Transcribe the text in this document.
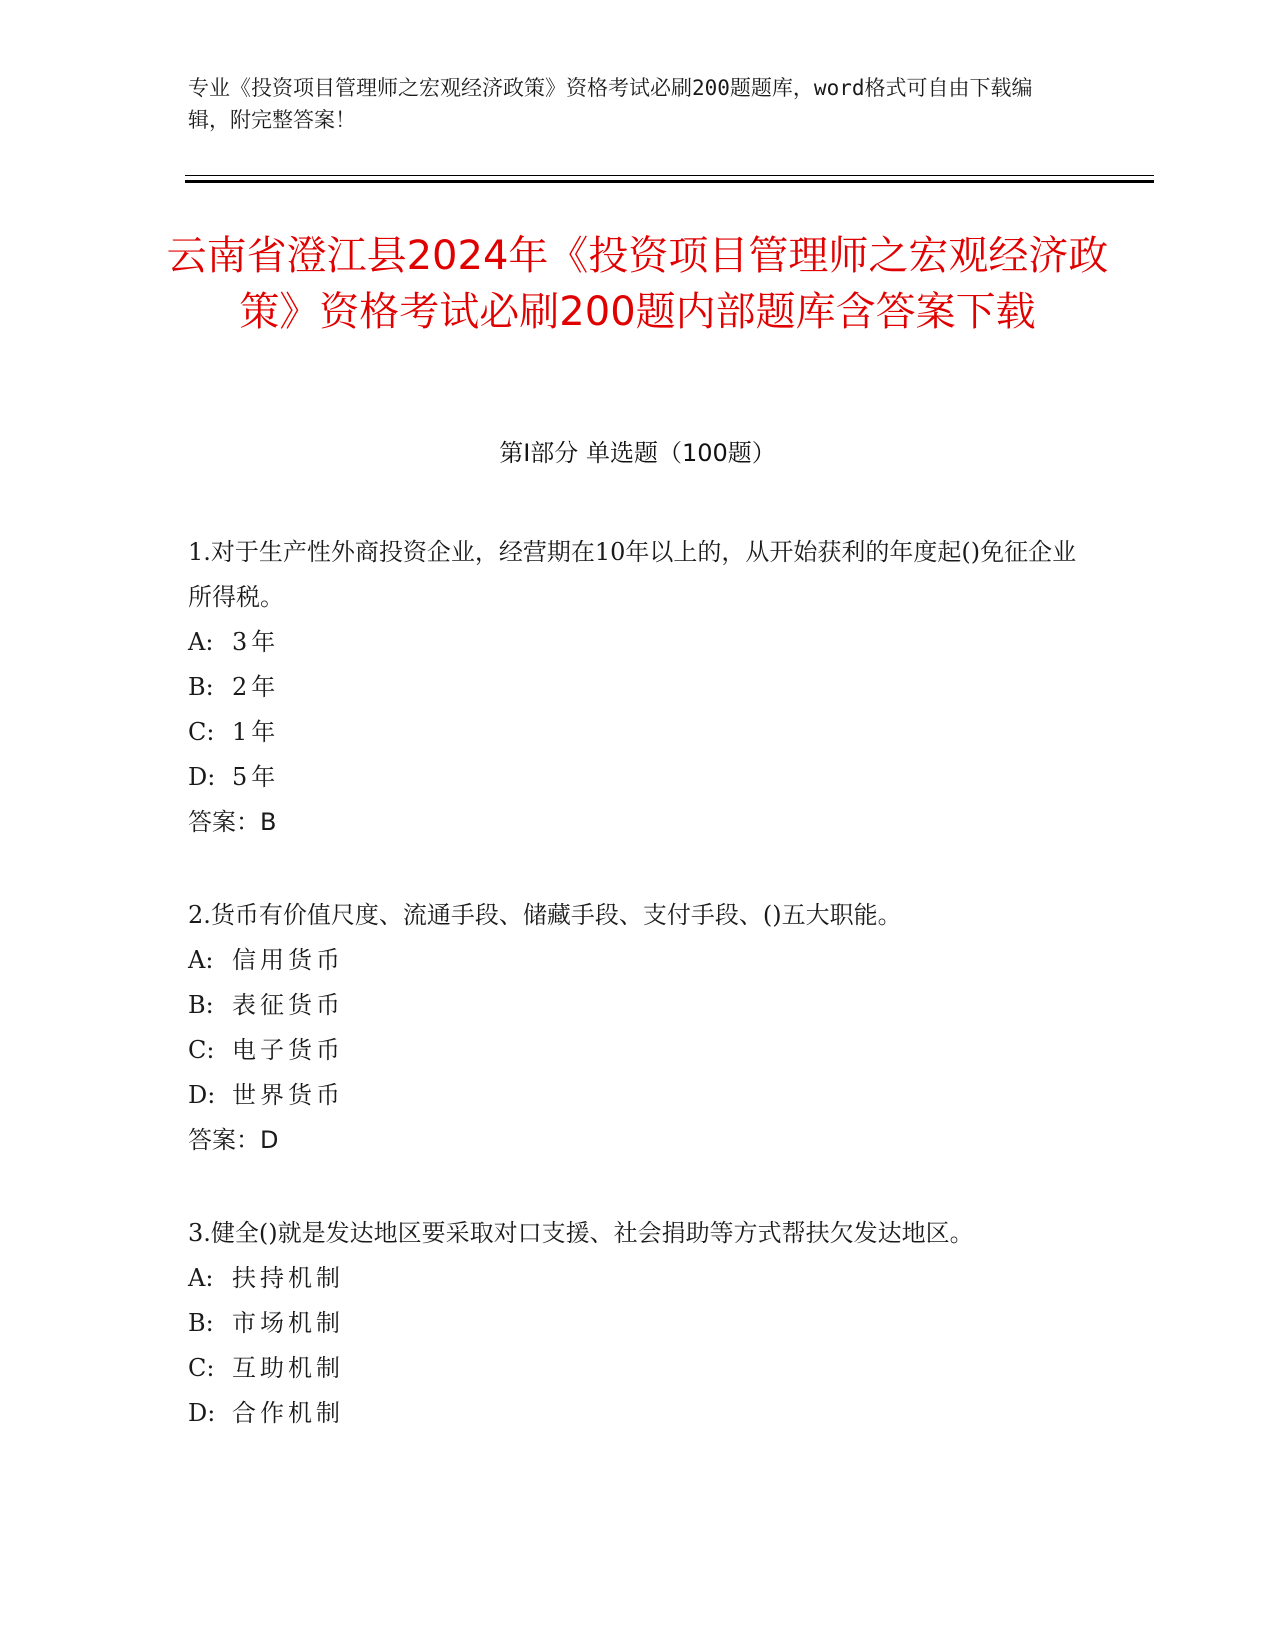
专业《投资项目管理师之宏观经济政策》资格考试必刷200题题库，word格式可自由下载编辑，附完整答案！
云南省澄江县2024年《投资项目管理师之宏观经济政策》资格考试必刷200题内部题库含答案下载
第I部分 单选题（100题）
1.对于生产性外商投资企业，经营期在10年以上的，从开始获利的年度起()免征企业所得税。
A: 3年
B: 2年
C: 1年
D: 5年
答案：B
2.货币有价值尺度、流通手段、储藏手段、支付手段、()五大职能。
A: 信用货币
B: 表征货币
C: 电子货币
D: 世界货币
答案：D
3.健全()就是发达地区要采取对口支援、社会捐助等方式帮扶欠发达地区。
A: 扶持机制
B: 市场机制
C: 互助机制
D: 合作机制
